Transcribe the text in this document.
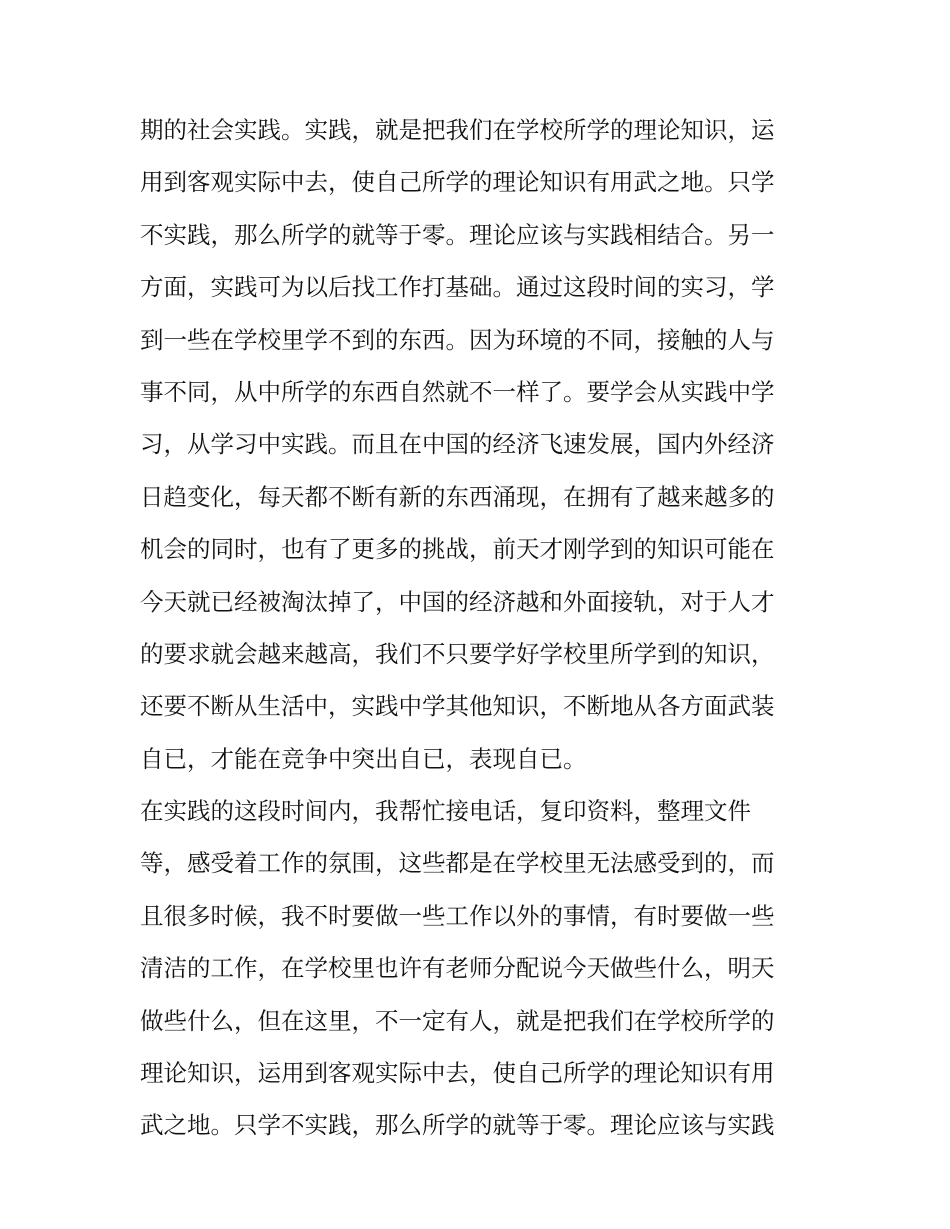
期的社会实践。实践，就是把我们在学校所学的理论知识，运
用到客观实际中去，使自己所学的理论知识有用武之地。只学
不实践，那么所学的就等于零。理论应该与实践相结合。另一
方面，实践可为以后找工作打基础。通过这段时间的实习，学
到一些在学校里学不到的东西。因为环境的不同，接触的人与
事不同，从中所学的东西自然就不一样了。要学会从实践中学
习，从学习中实践。而且在中国的经济飞速发展，国内外经济
日趋变化，每天都不断有新的东西涌现，在拥有了越来越多的
机会的同时，也有了更多的挑战，前天才刚学到的知识可能在
今天就已经被淘汰掉了，中国的经济越和外面接轨，对于人才
的要求就会越来越高，我们不只要学好学校里所学到的知识，
还要不断从生活中，实践中学其他知识，不断地从各方面武装
自已，才能在竞争中突出自已，表现自已。
在实践的这段时间内，我帮忙接电话，复印资料，整理文件
等，感受着工作的氛围，这些都是在学校里无法感受到的，而
且很多时候，我不时要做一些工作以外的事情，有时要做一些
清洁的工作，在学校里也许有老师分配说今天做些什么，明天
做些什么，但在这里，不一定有人，就是把我们在学校所学的
理论知识，运用到客观实际中去，使自己所学的理论知识有用
武之地。只学不实践，那么所学的就等于零。理论应该与实践
